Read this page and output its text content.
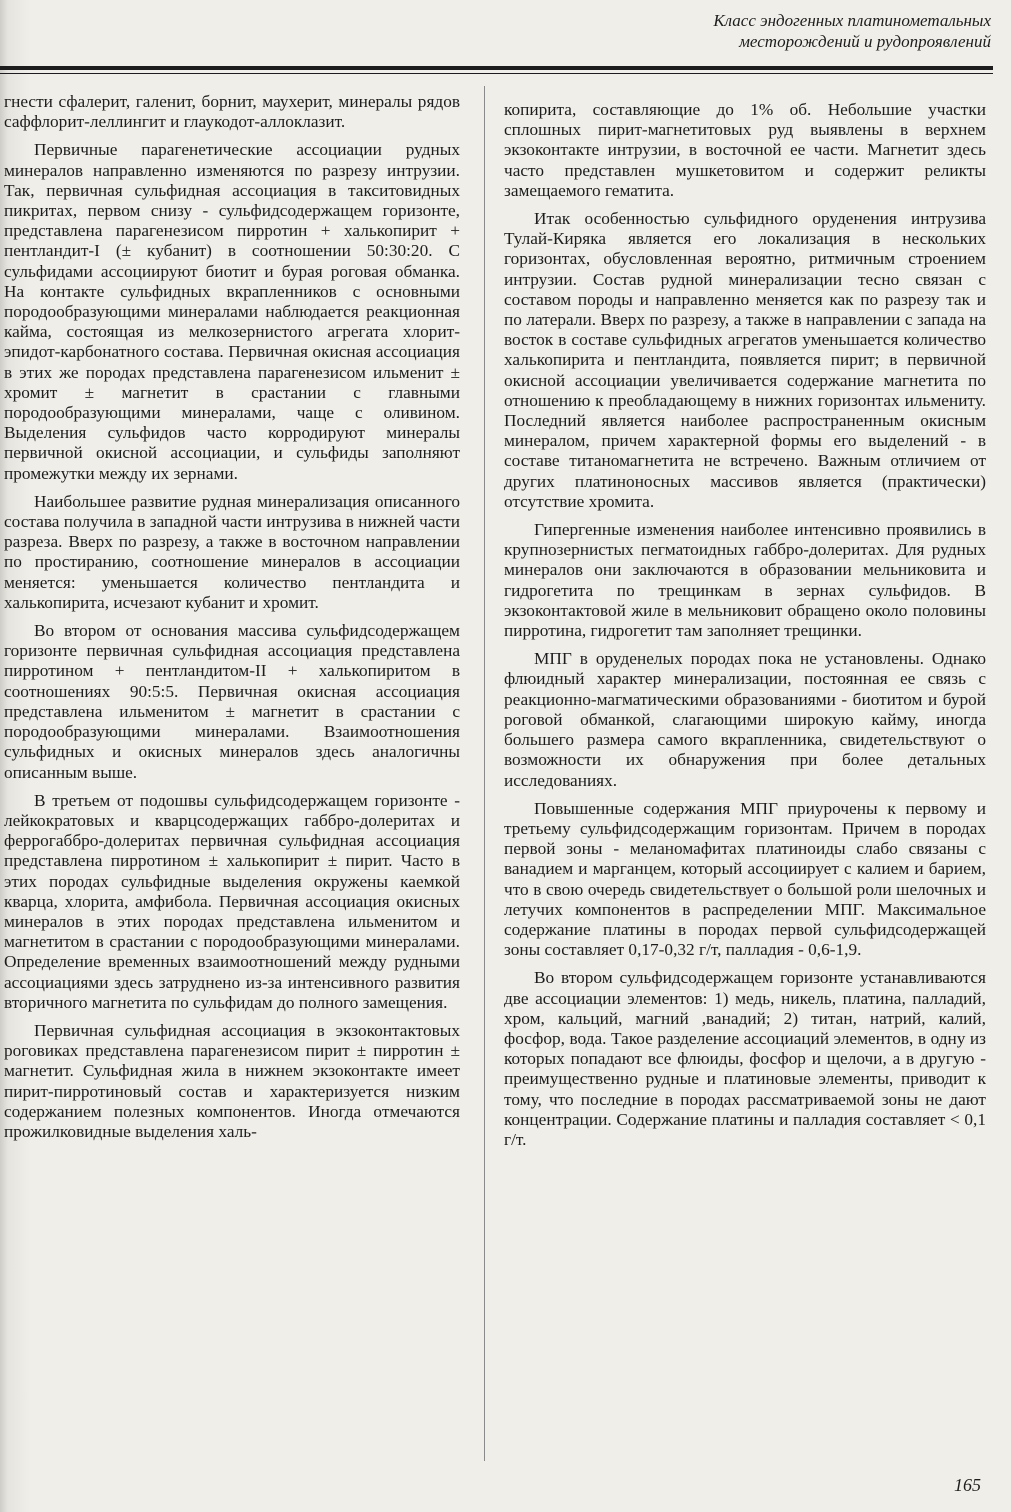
Класс эндогенных платинометальных
месторождений и рудопроявлений

гнести сфалерит, галенит, борнит, маухерит, минералы рядов саффлорит-леллингит и глаукодот-аллоклазит.

Первичные парагенетические ассоциации рудных минералов направленно изменяются по разрезу интрузии. Так, первичная сульфидная ассоциация в такситовидных пикритах, первом снизу - сульфидсодержащем горизонте, представлена парагенезисом пирротин + халькопирит + пентландит-I (± кубанит) в соотношении 50:30:20. С сульфидами ассоциируют биотит и бурая роговая обманка. На контакте сульфидных вкрапленников с основными породообразующими минералами наблюдается реакционная кайма, состоящая из мелкозернистого агрегата хлорит-эпидот-карбонатного состава. Первичная окисная ассоциация в этих же породах представлена парагенезисом ильменит ± хромит ± магнетит в срастании с главными породообразующими минералами, чаще с оливином. Выделения сульфидов часто корродируют минералы первичной окисной ассоциации, и сульфиды заполняют промежутки между их зернами.

Наибольшее развитие рудная минерализация описанного состава получила в западной части интрузива в нижней части разреза. Вверх по разрезу, а также в восточном направлении по простиранию, соотношение минералов в ассоциации меняется: уменьшается количество пентландита и халькопирита, исчезают кубанит и хромит.

Во втором от основания массива сульфидсодержащем горизонте первичная сульфидная ассоциация представлена пирротином + пентландитом-II + халькопиритом в соотношениях 90:5:5. Первичная окисная ассоциация представлена ильменитом ± магнетит в срастании с породообразующими минералами. Взаимоотношения сульфидных и окисных минералов здесь аналогичны описанным выше.

В третьем от подошвы сульфидсодержащем горизонте - лейкократовых и кварцсодержащих габбро-долеритах и феррогаббро-долеритах первичная сульфидная ассоциация представлена пирротином ± халькопирит ± пирит. Часто в этих породах сульфидные выделения окружены каемкой кварца, хлорита, амфибола. Первичная ассоциация окисных минералов в этих породах представлена ильменитом и магнетитом в срастании с породообразующими минералами. Определение временных взаимоотношений между рудными ассоциациями здесь затруднено из-за интенсивного развития вторичного магнетита по сульфидам до полного замещения.

Первичная сульфидная ассоциация в экзоконтактовых роговиках представлена парагенезисом пирит ± пирротин ± магнетит. Сульфидная жила в нижнем экзоконтакте имеет пирит-пирротиновый состав и характеризуется низким содержанием полезных компонентов. Иногда отмечаются прожилковидные выделения халь-

копирита, составляющие до 1% об. Небольшие участки сплошных пирит-магнетитовых руд выявлены в верхнем экзоконтакте интрузии, в восточной ее части. Магнетит здесь часто представлен мушкетовитом и содержит реликты замещаемого гематита.

Итак особенностью сульфидного оруденения интрузива Тулай-Киряка является его локализация в нескольких горизонтах, обусловленная вероятно, ритмичным строением интрузии. Состав рудной минерализации тесно связан с составом породы и направленно меняется как по разрезу так и по латерали. Вверх по разрезу, а также в направлении с запада на восток в составе сульфидных агрегатов уменьшается количество халькопирита и пентландита, появляется пирит; в первичной окисной ассоциации увеличивается содержание магнетита по отношению к преобладающему в нижних горизонтах ильмениту. Последний является наиболее распространенным окисным минералом, причем характерной формы его выделений - в составе титаномагнетита не встречено. Важным отличием от других платиноносных массивов является (практически) отсутствие хромита.

Гипергенные изменения наиболее интенсивно проявились в крупнозернистых пегматоидных габбро-долеритах. Для рудных минералов они заключаются в образовании мельниковита и гидрогетита по трещинкам в зернах сульфидов. В экзоконтактовой жиле в мельниковит обращено около половины пирротина, гидрогетит там заполняет трещинки.

МПГ в оруденелых породах пока не установлены. Однако флюидный характер минерализации, постоянная ее связь с реакционно-магматическими образованиями - биотитом и бурой роговой обманкой, слагающими широкую кайму, иногда большего размера самого вкрапленника, свидетельствуют о возможности их обнаружения при более детальных исследованиях.

Повышенные содержания МПГ приурочены к первому и третьему сульфидсодержащим горизонтам. Причем в породах первой зоны - меланомафитах платиноиды слабо связаны с ванадием и марганцем, который ассоциирует с калием и барием, что в свою очередь свидетельствует о большой роли шелочных и летучих компонентов в распределении МПГ. Максимальное содержание платины в породах первой сульфидсодержащей зоны составляет 0,17-0,32 г/т, палладия - 0,6-1,9.

Во втором сульфидсодержащем горизонте устанавливаются две ассоциации элементов: 1) медь, никель, платина, палладий, хром, кальций, магний ,ванадий; 2) титан, натрий, калий, фосфор, вода. Такое разделение ассоциаций элементов, в одну из которых попадают все флюиды, фосфор и щелочи, а в другую - преимущественно рудные и платиновые элементы, приводит к тому, что последние в породах рассматриваемой зоны не дают концентрации. Содержание платины и палладия составляет < 0,1 г/т.

165
